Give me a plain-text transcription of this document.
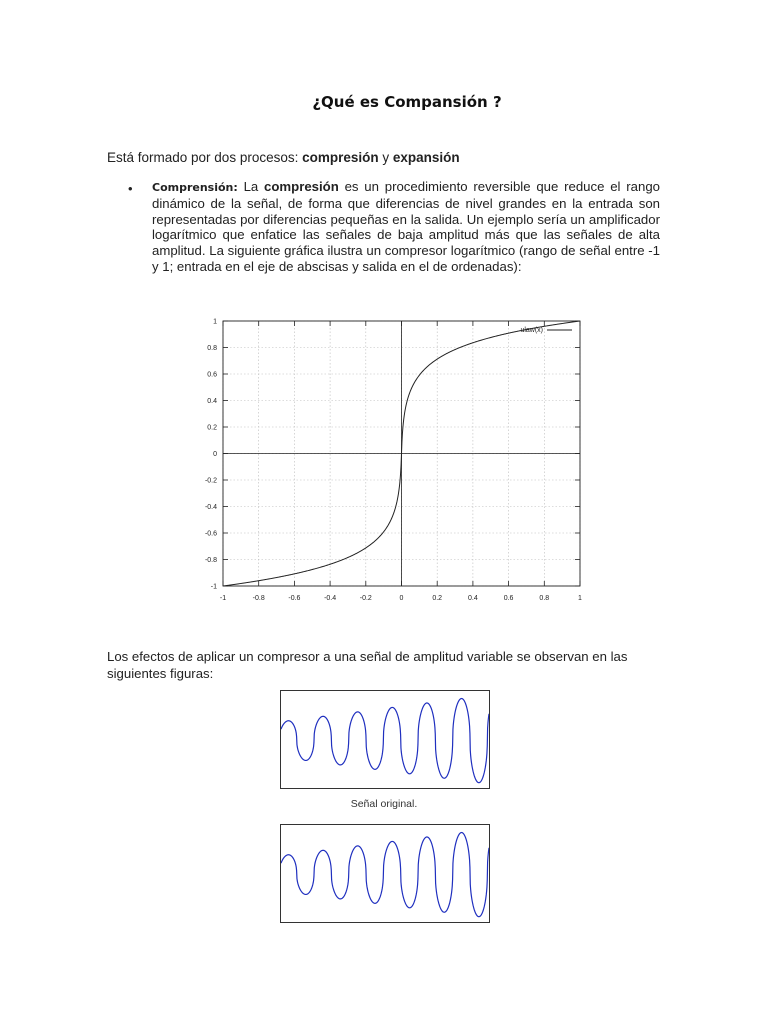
¿Qué es Compansión ?
Está formado por dos procesos: compresión y expansión
• Comprensión: La compresión es un procedimiento reversible que reduce el rango dinámico de la señal, de forma que diferencias de nivel grandes en la entrada son representadas por diferencias pequeñas en la salida. Un ejemplo sería un amplificador logarítmico que enfatice las señales de baja amplitud más que las señales de alta amplitud. La siguiente gráfica ilustra un compresor logarítmico (rango de señal entre -1 y 1; entrada en el eje de abscisas y salida en el de ordenadas):
-1	-0.8	-0.6	-0.4	-0.2	0	0.2	0.4	0.6	0.8	1
1
0.8
0.6
0.4
0.2
0
-0.2
-0.4
-0.6
-0.8
-1
ulaw(x)
Los efectos de aplicar un compresor a una señal de amplitud variable se observan en las siguientes figuras:
Señal original.
